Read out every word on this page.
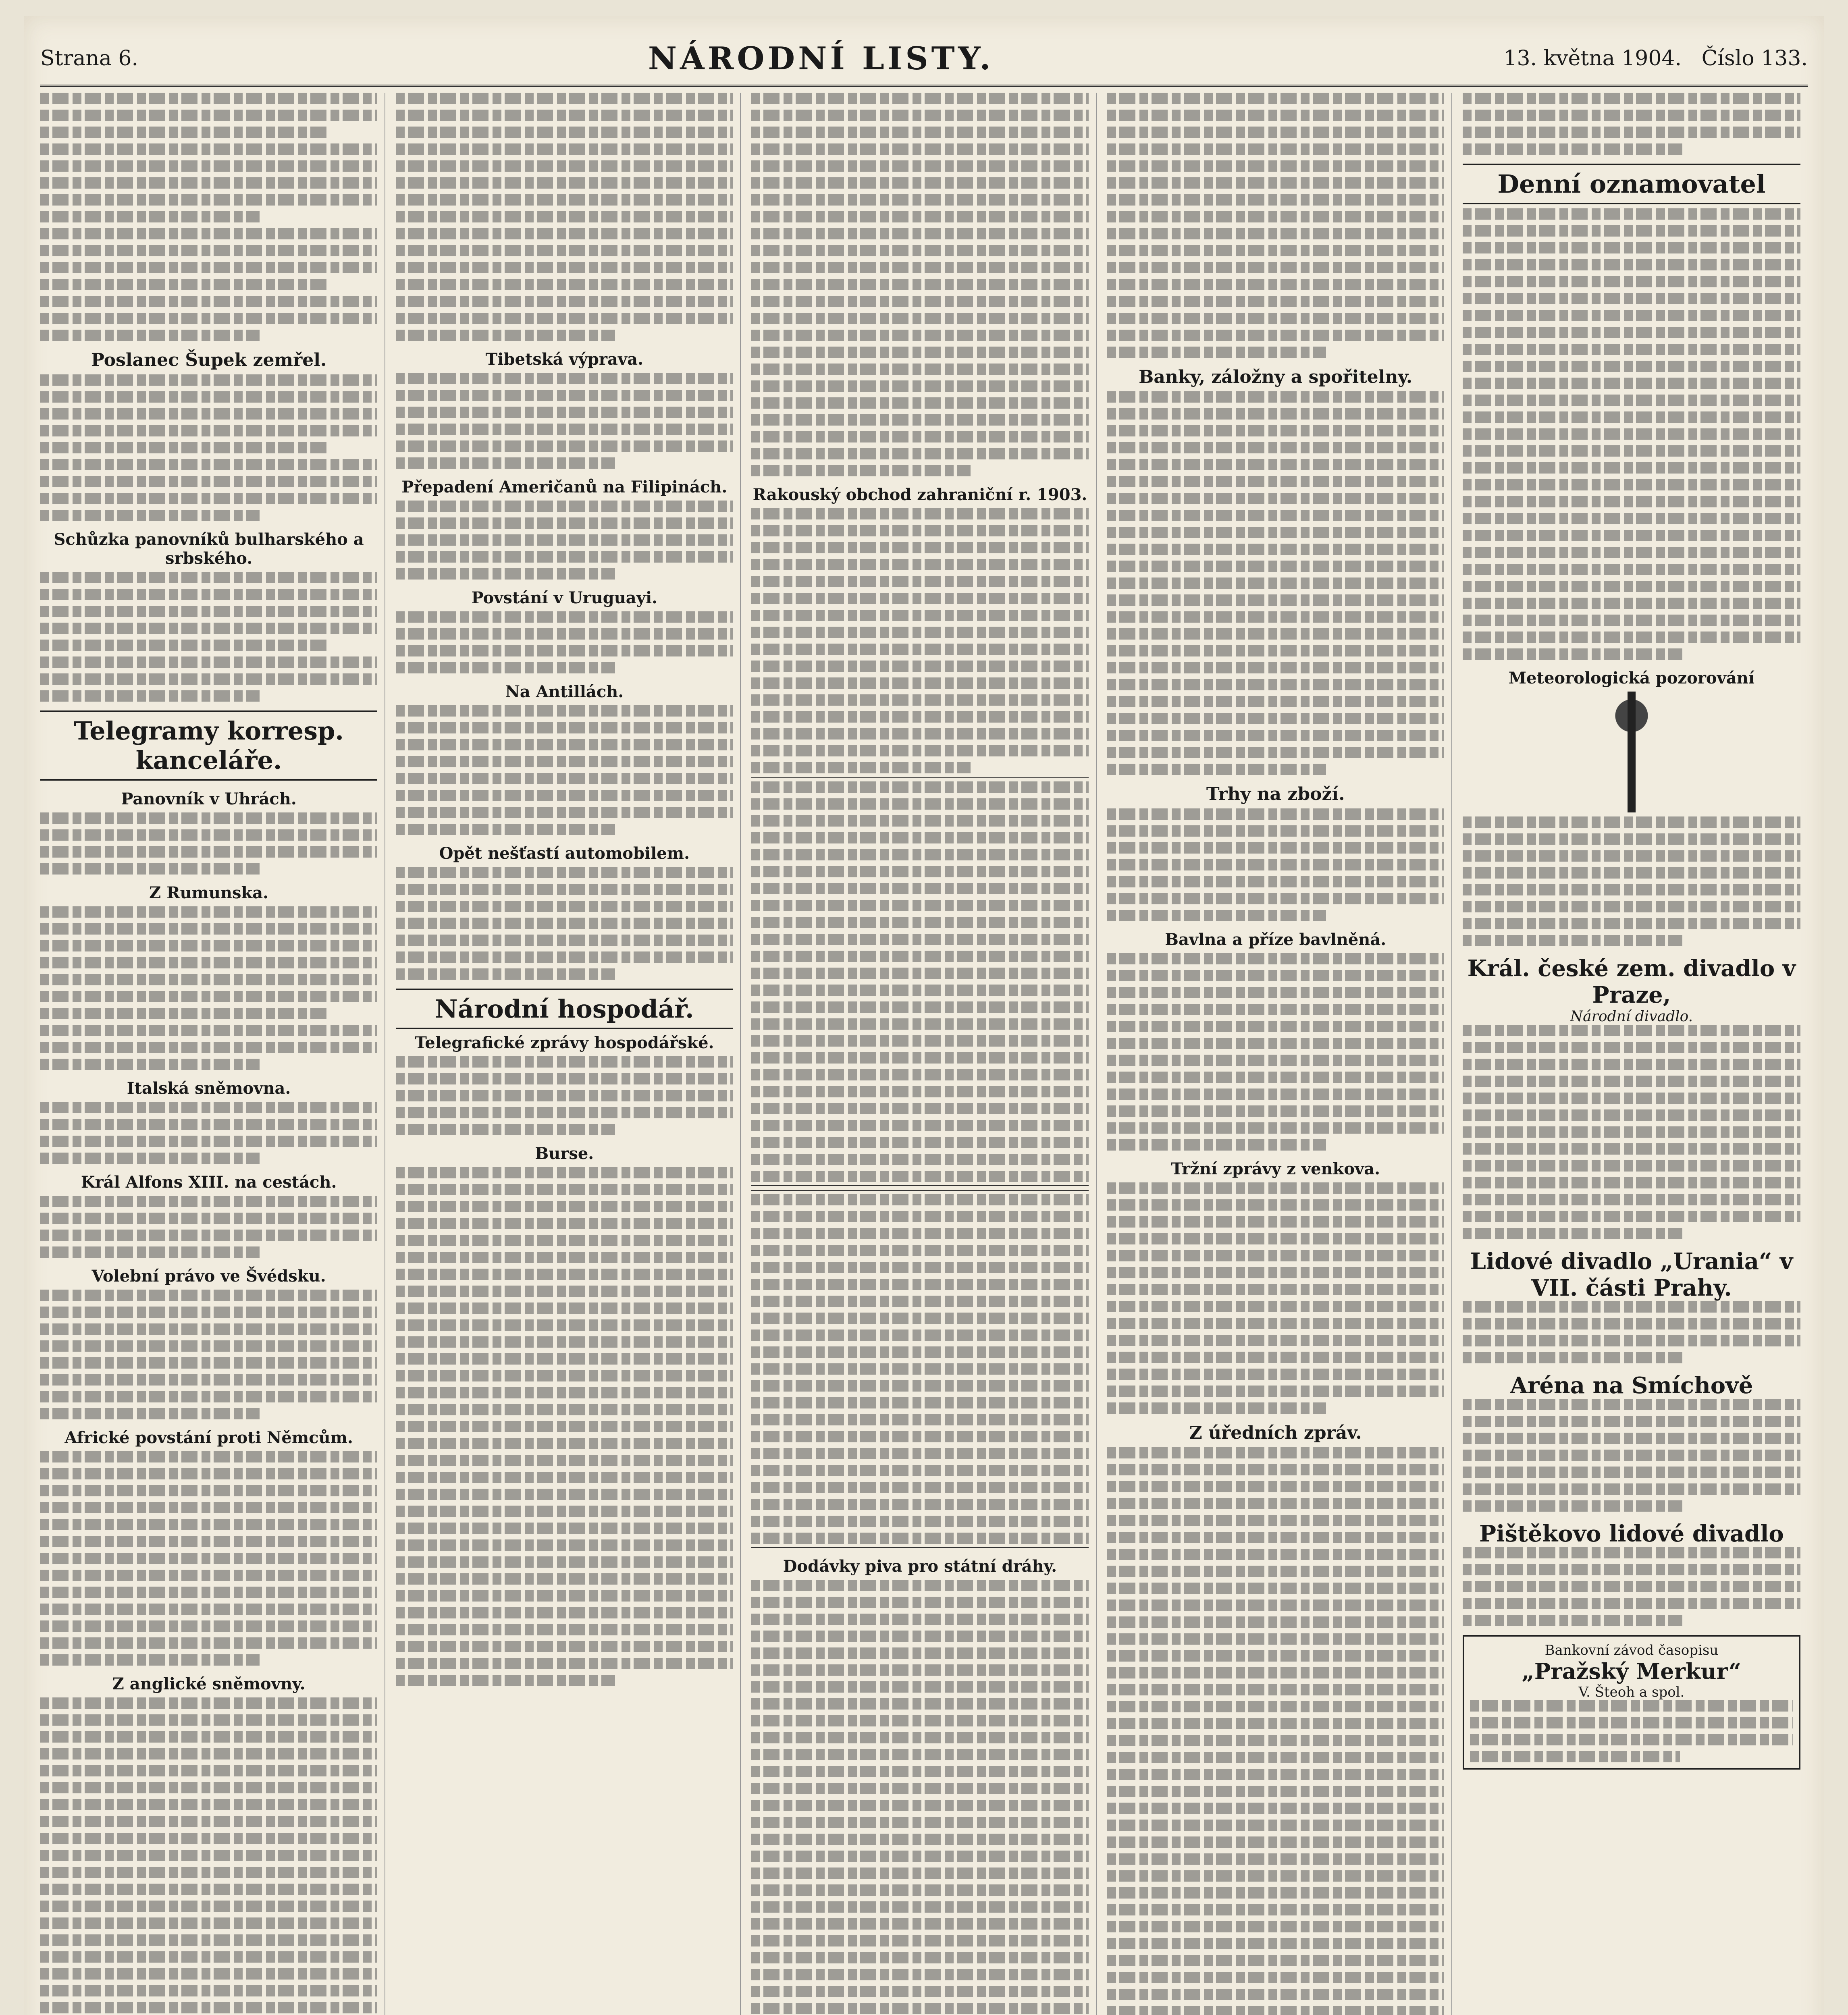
Strana 6.	NÁRODNÍ LISTY.	13. května 1904. Číslo 133.
Poslanec Šupek zemřel.
Schůzka panovníků bulharského a srbského.
Telegramy korresp. kanceláře.
Panovník v Uhrách.
Z Rumunska.
Italská sněmovna.
Král Alfons XIII. na cestách.
Volební právo ve Švédsku.
Africké povstání proti Němcům.
Z anglické sněmovny.
Tibetská výprava.
Přepadení Američanů na Filipinách.
Povstání v Uruguayi.
Na Antillách.
Opět nešťastí automobilem.
Národní hospodář.
Telegrafické zprávy hospodářské.
Burse.
Rakouský obchod zahraniční r. 1903.
Dodávky piva pro státní dráhy.
Banky, záložny a spořitelny.
Trhy na zboží.
Bavlna a příze bavlněná.
Tržní zprávy z venkova.
Z úředních zpráv.
Denní oznamovatel
Meteorologická pozorování
Král. české zem. divadlo v Praze,
Národní divadlo.
Lidové divadlo „Urania“ v VII. části Prahy.
Aréna na Smíchově
Pištěkovo lidové divadlo
Bankovní závod časopisu
„Pražský Merkur“
V. Šteoh a spol.
